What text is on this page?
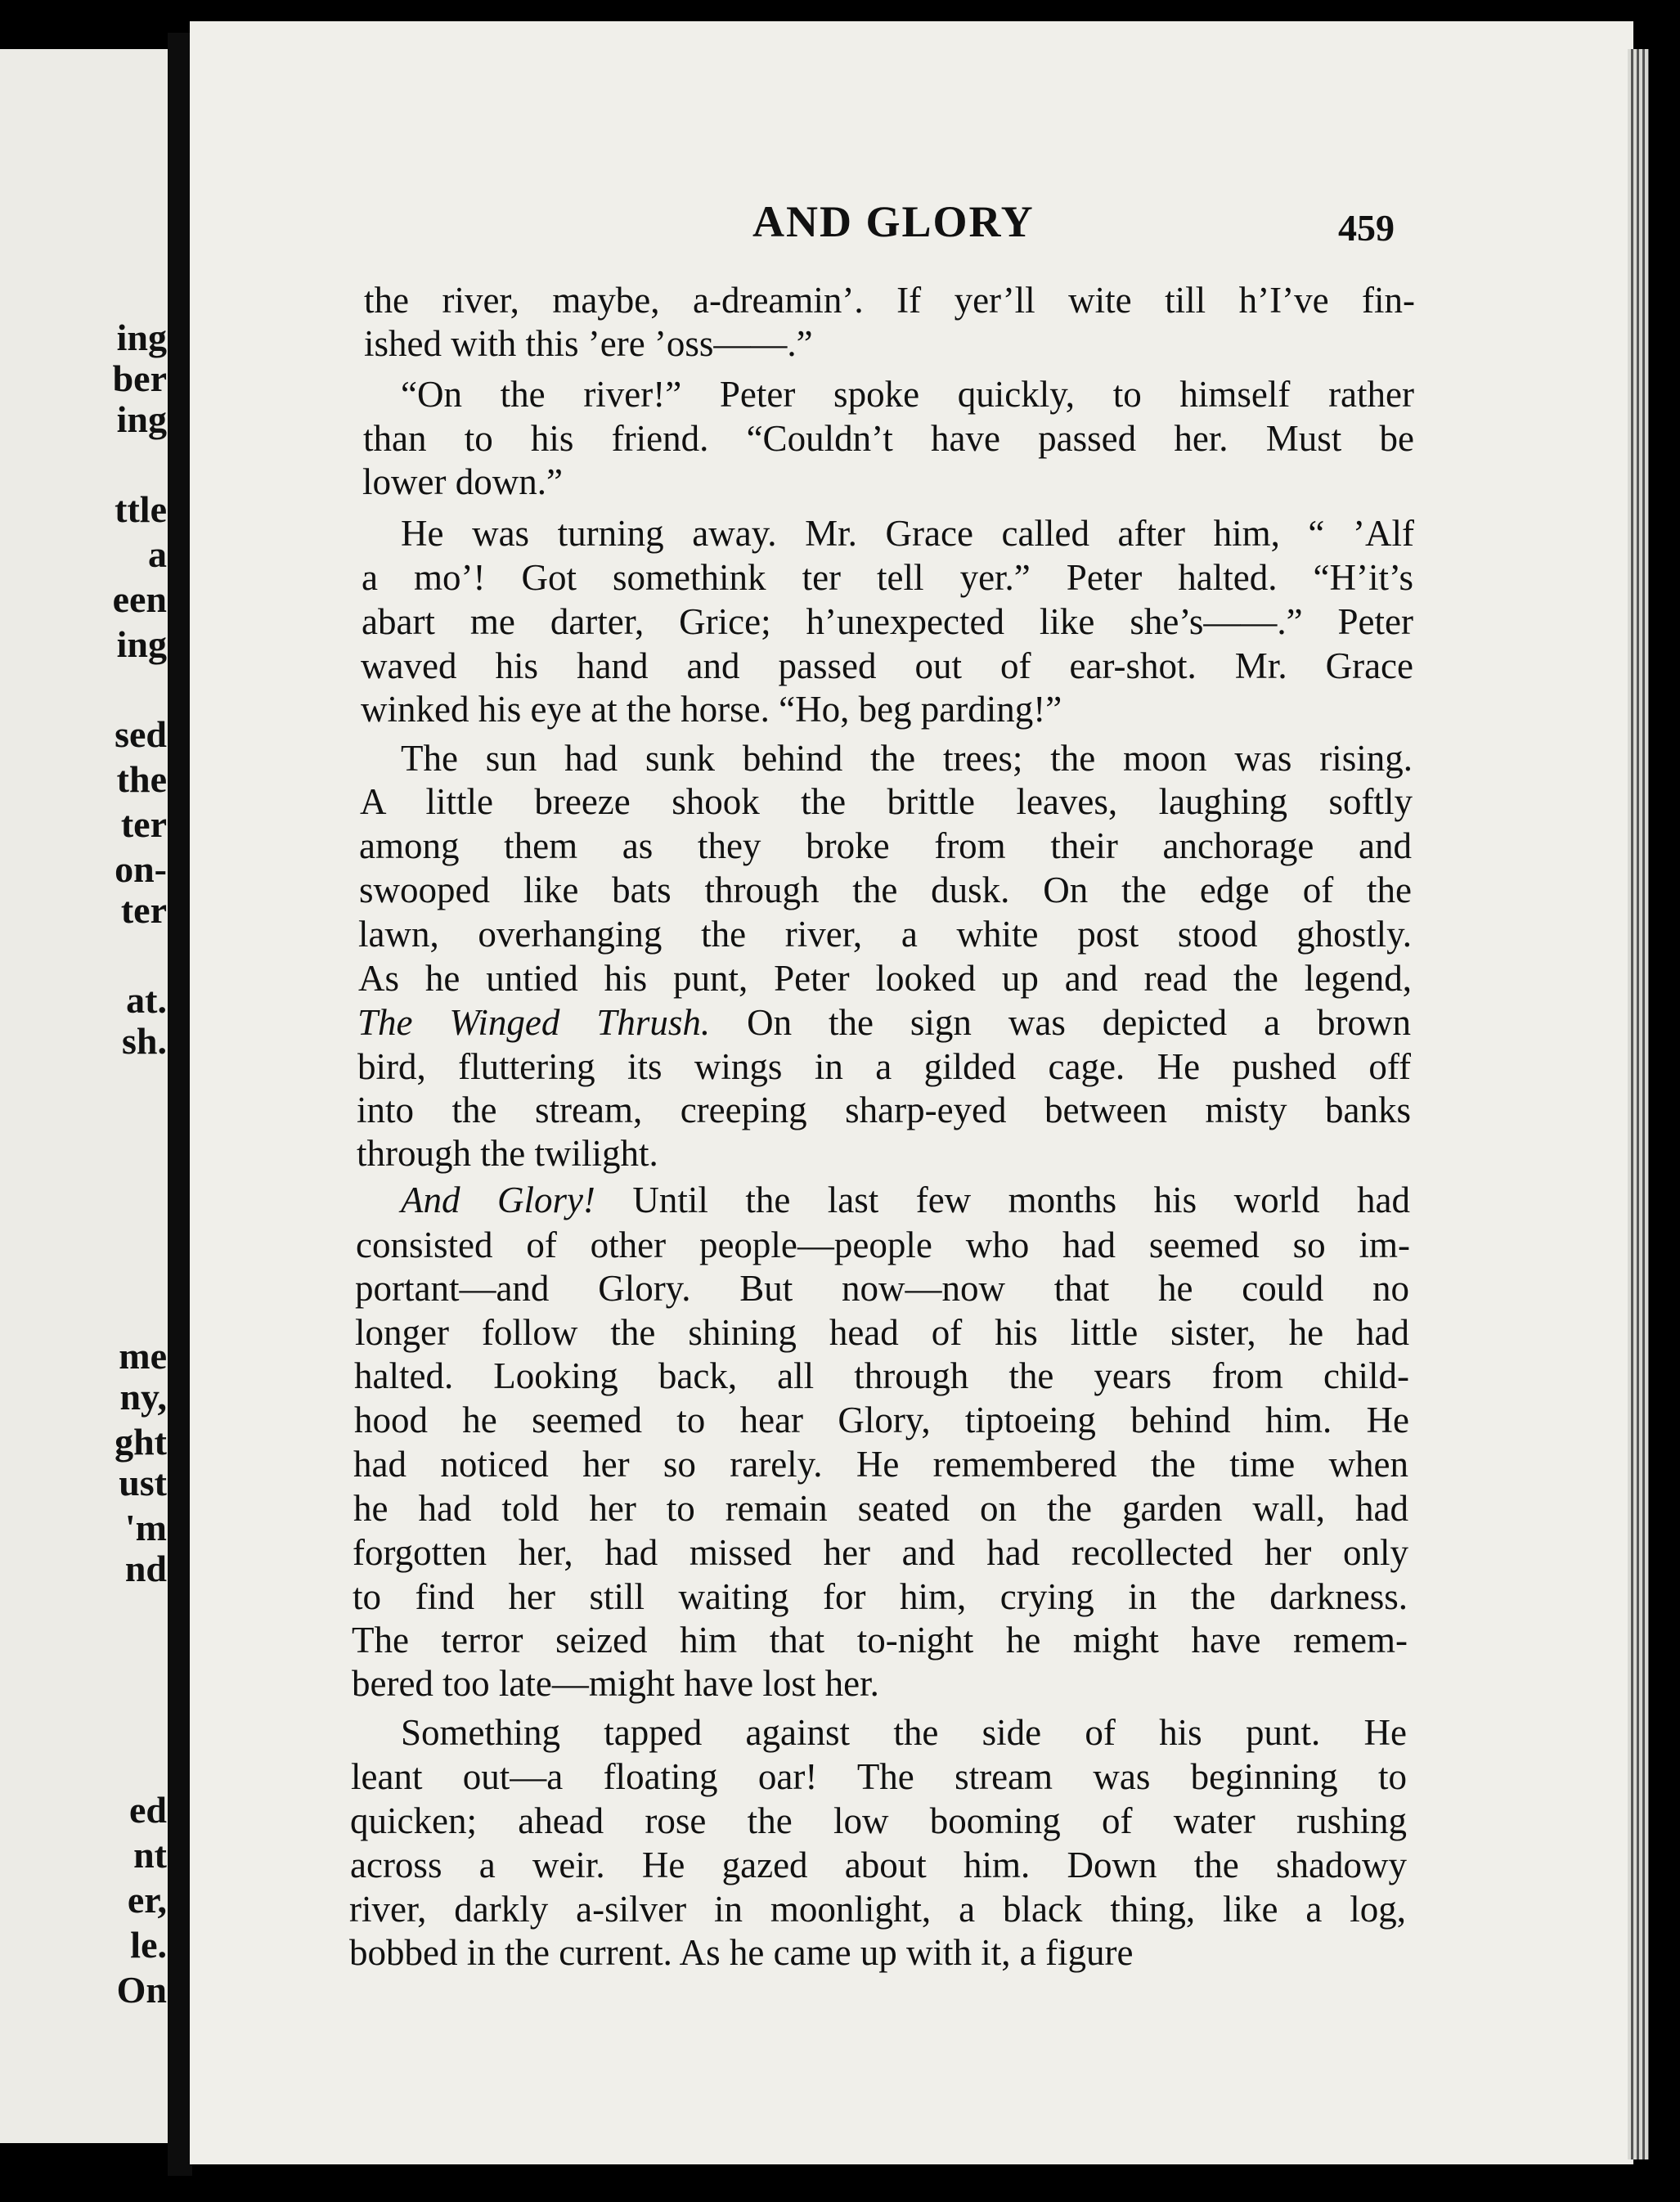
ing
ber
ing
ttle
a
een
ing
sed
the
ter
on-
ter
at.
sh.
me
ny,
ght
ust
'm
nd
ed
nt
er,
le.
On
AND GLORY	459
the river, maybe, a-dreamin’. If yer’ll wite till h’I’ve fin-
ished with this ’ere ’oss——.”
“On the river!” Peter spoke quickly, to himself rather
than to his friend. “Couldn’t have passed her. Must be
lower down.”
He was turning away. Mr. Grace called after him, “ ’Alf
a mo’! Got somethink ter tell yer.” Peter halted. “H’it’s
abart me darter, Grice; h’unexpected like she’s——.” Peter
waved his hand and passed out of ear-shot. Mr. Grace
winked his eye at the horse. “Ho, beg parding!”
The sun had sunk behind the trees; the moon was rising.
A little breeze shook the brittle leaves, laughing softly
among them as they broke from their anchorage and
swooped like bats through the dusk. On the edge of the
lawn, overhanging the river, a white post stood ghostly.
As he untied his punt, Peter looked up and read the legend,
The Winged Thrush. On the sign was depicted a brown
bird, fluttering its wings in a gilded cage. He pushed off
into the stream, creeping sharp-eyed between misty banks
through the twilight.
And Glory! Until the last few months his world had
consisted of other people—people who had seemed so im-
portant—and Glory. But now—now that he could no
longer follow the shining head of his little sister, he had
halted. Looking back, all through the years from child-
hood he seemed to hear Glory, tiptoeing behind him. He
had noticed her so rarely. He remembered the time when
he had told her to remain seated on the garden wall, had
forgotten her, had missed her and had recollected her only
to find her still waiting for him, crying in the darkness.
The terror seized him that to-night he might have remem-
bered too late—might have lost her.
Something tapped against the side of his punt. He
leant out—a floating oar! The stream was beginning to
quicken; ahead rose the low booming of water rushing
across a weir. He gazed about him. Down the shadowy
river, darkly a-silver in moonlight, a black thing, like a log,
bobbed in the current. As he came up with it, a figure
